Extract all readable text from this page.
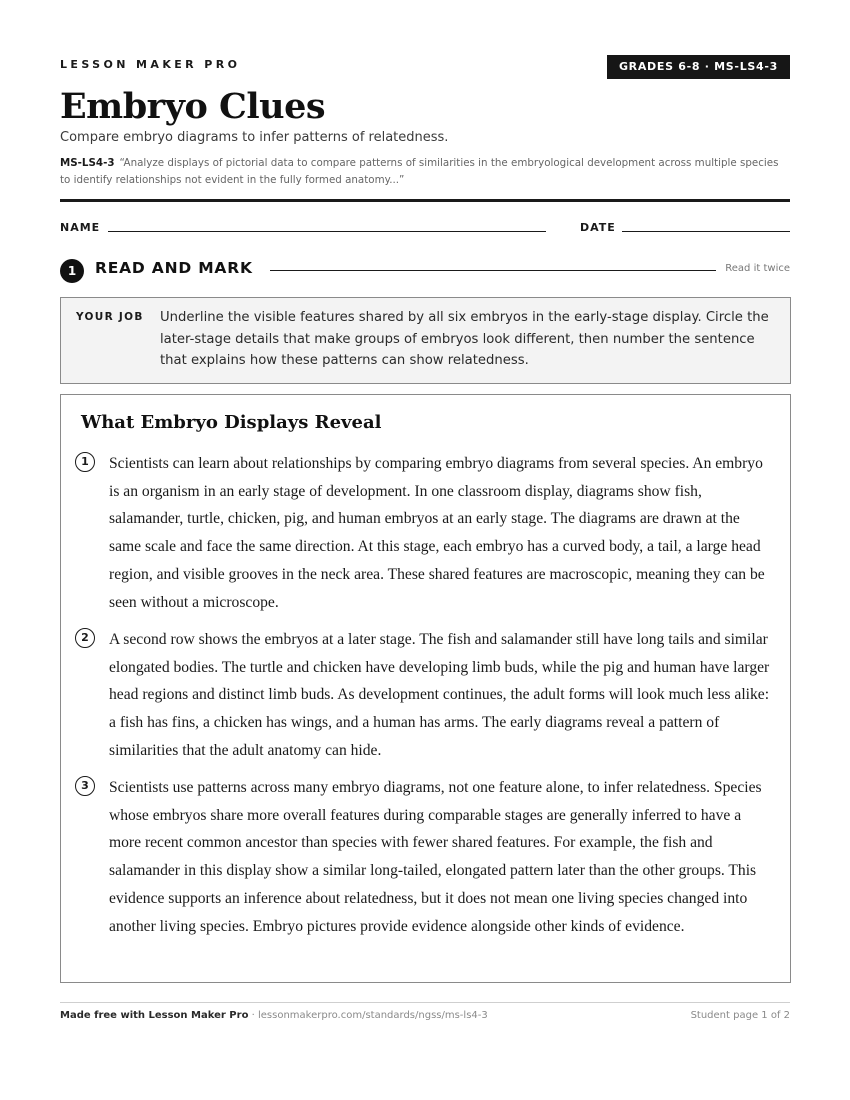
LESSON MAKER PRO	GRADES 6-8 · MS-LS4-3
Embryo Clues
Compare embryo diagrams to infer patterns of relatedness.
MS-LS4-3 “Analyze displays of pictorial data to compare patterns of similarities in the embryological development across multiple species to identify relationships not evident in the fully formed anatomy...”
NAME	DATE
1	READ AND MARK	Read it twice
YOUR JOB Underline the visible features shared by all six embryos in the early-stage display. Circle the later-stage details that make groups of embryos look different, then number the sentence that explains how these patterns can show relatedness.
What Embryo Displays Reveal
1	Scientists can learn about relationships by comparing embryo diagrams from several species. An embryo is an organism in an early stage of development. In one classroom display, diagrams show fish, salamander, turtle, chicken, pig, and human embryos at an early stage. The diagrams are drawn at the same scale and face the same direction. At this stage, each embryo has a curved body, a tail, a large head region, and visible grooves in the neck area. These shared features are macroscopic, meaning they can be seen without a microscope.
2	A second row shows the embryos at a later stage. The fish and salamander still have long tails and similar elongated bodies. The turtle and chicken have developing limb buds, while the pig and human have larger head regions and distinct limb buds. As development continues, the adult forms will look much less alike: a fish has fins, a chicken has wings, and a human has arms. The early diagrams reveal a pattern of similarities that the adult anatomy can hide.
3	Scientists use patterns across many embryo diagrams, not one feature alone, to infer relatedness. Species whose embryos share more overall features during comparable stages are generally inferred to have a more recent common ancestor than species with fewer shared features. For example, the fish and salamander in this display show a similar long-tailed, elongated pattern later than the other groups. This evidence supports an inference about relatedness, but it does not mean one living species changed into another living species. Embryo pictures provide evidence alongside other kinds of evidence.
Made free with Lesson Maker Pro · lessonmakerpro.com/standards/ngss/ms-ls4-3	Student page 1 of 2
